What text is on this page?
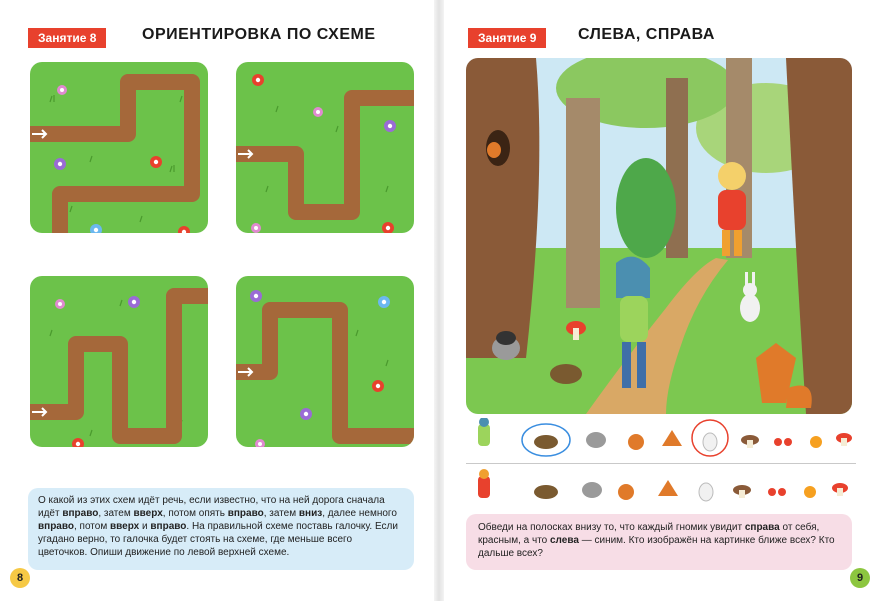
Занятие 8	ОРИЕНТИРОВКА ПО СХЕМЕ
О какой из этих схем идёт речь, если известно, что на ней дорога сначала идёт вправо, затем вверх, потом опять вправо, затем вниз, далее немного вправо, потом вверх и вправо. На правильной схеме поставь галочку. Если угадано верно, то галочка будет стоять на схеме, где меньше всего цветочков. Опиши движение по левой верхней схеме.
8
Занятие 9	СЛЕВА, СПРАВА
Обведи на полосках внизу то, что каждый гномик увидит справа от себя, красным, а что слева — синим. Кто изображён на картинке ближе всех? Кто дальше всех?
9
